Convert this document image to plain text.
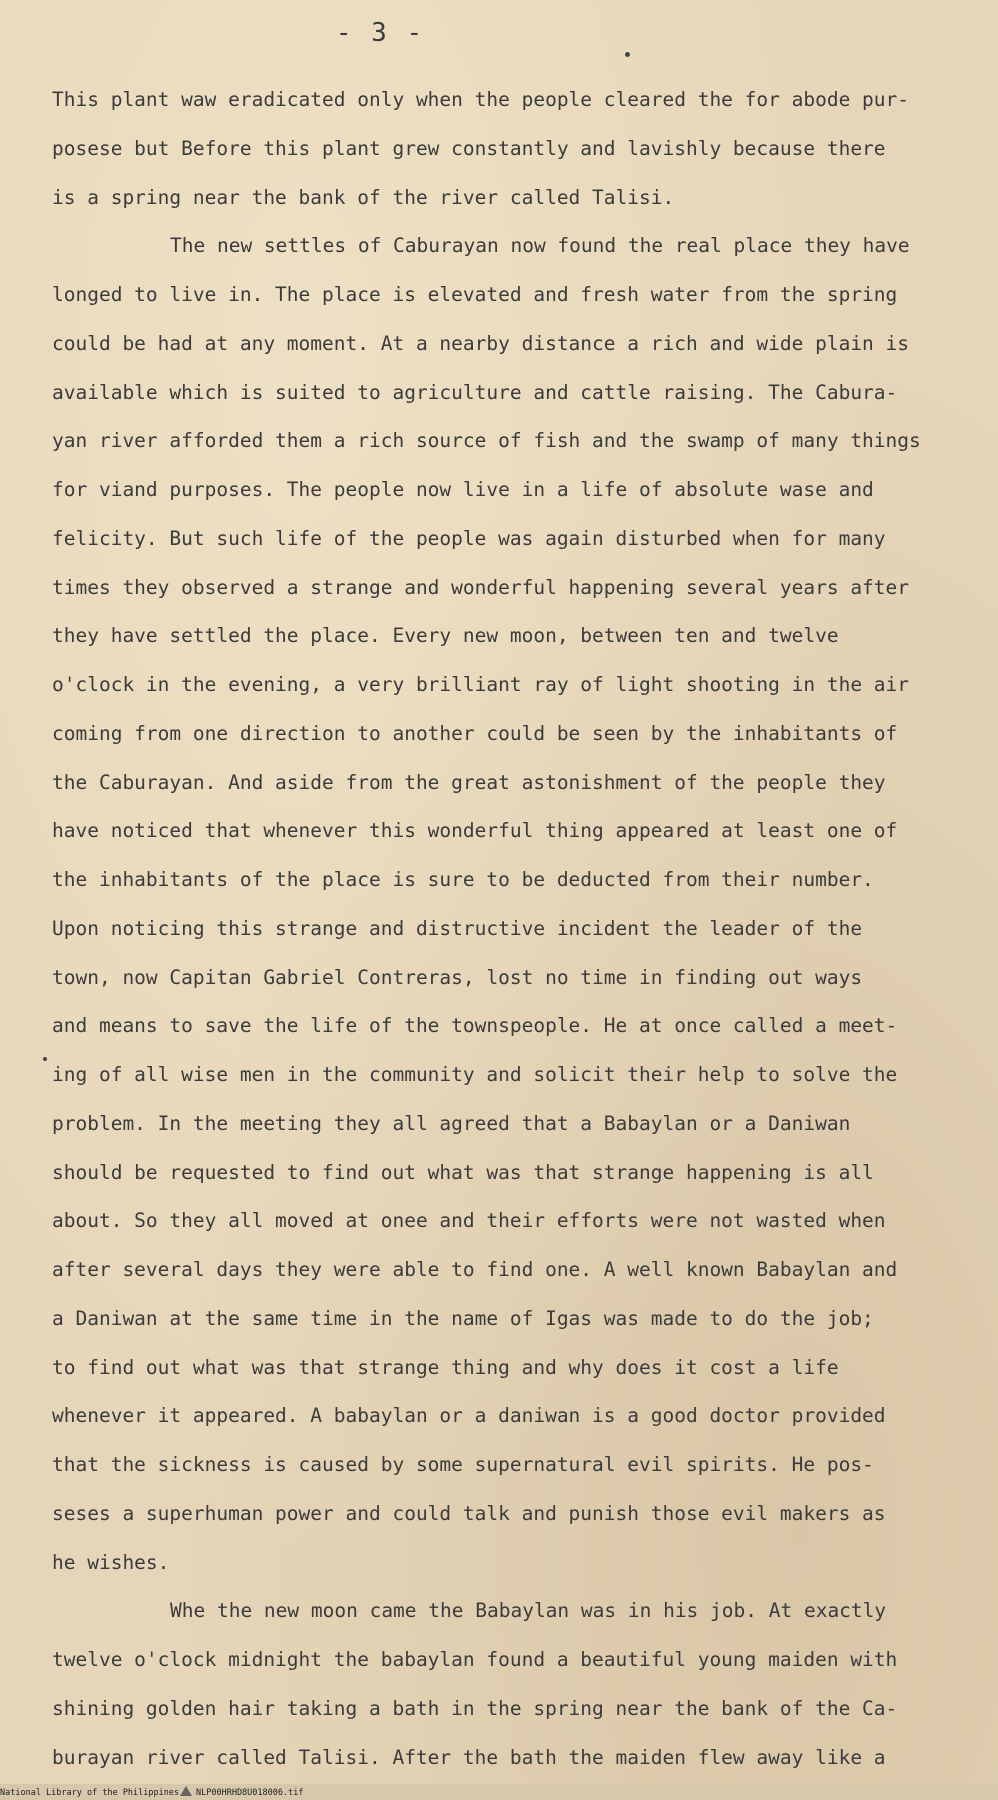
- 3 -
This plant waw eradicated only when the people cleared the for abode pur-
posese but Before this plant grew constantly and lavishly because there
is a spring near the bank of the river called Talisi.
The new settles of Caburayan now found the real place they have
longed to live in. The place is elevated and fresh water from the spring
could be had at any moment. At a nearby distance a rich and wide plain is
available which is suited to agriculture and cattle raising. The Cabura-
yan river afforded them a rich source of fish and the swamp of many things
for viand purposes. The people now live in a life of absolute wase and
felicity. But such life of the people was again disturbed when for many
times they observed a strange and wonderful happening several years after
they have settled the place. Every new moon, between ten and twelve
o'clock in the evening, a very brilliant ray of light shooting in the air
coming from one direction to another could be seen by the inhabitants of
the Caburayan. And aside from the great astonishment of the people they
have noticed that whenever this wonderful thing appeared at least one of
the inhabitants of the place is sure to be deducted from their number.
Upon noticing this strange and distructive incident the leader of the
town, now Capitan Gabriel Contreras, lost no time in finding out ways
and means to save the life of the townspeople. He at once called a meet-
ing of all wise men in the community and solicit their help to solve the
problem. In the meeting they all agreed that a Babaylan or a Daniwan
should be requested to find out what was that strange happening is all
about. So they all moved at onee and their efforts were not wasted when
after several days they were able to find one. A well known Babaylan and
a Daniwan at the same time in the name of Igas was made to do the job;
to find out what was that strange thing and why does it cost a life
whenever it appeared. A babaylan or a daniwan is a good doctor provided
that the sickness is caused by some supernatural evil spirits. He pos-
seses a superhuman power and could talk and punish those evil makers as
he wishes.
Whe the new moon came the Babaylan was in his job. At exactly
twelve o'clock midnight the babaylan found a beautiful young maiden with
shining golden hair taking a bath in the spring near the bank of the Ca-
burayan river called Talisi. After the bath the maiden flew away like a
National Library of the Philippines NLP00HRHD8U018006.tif
